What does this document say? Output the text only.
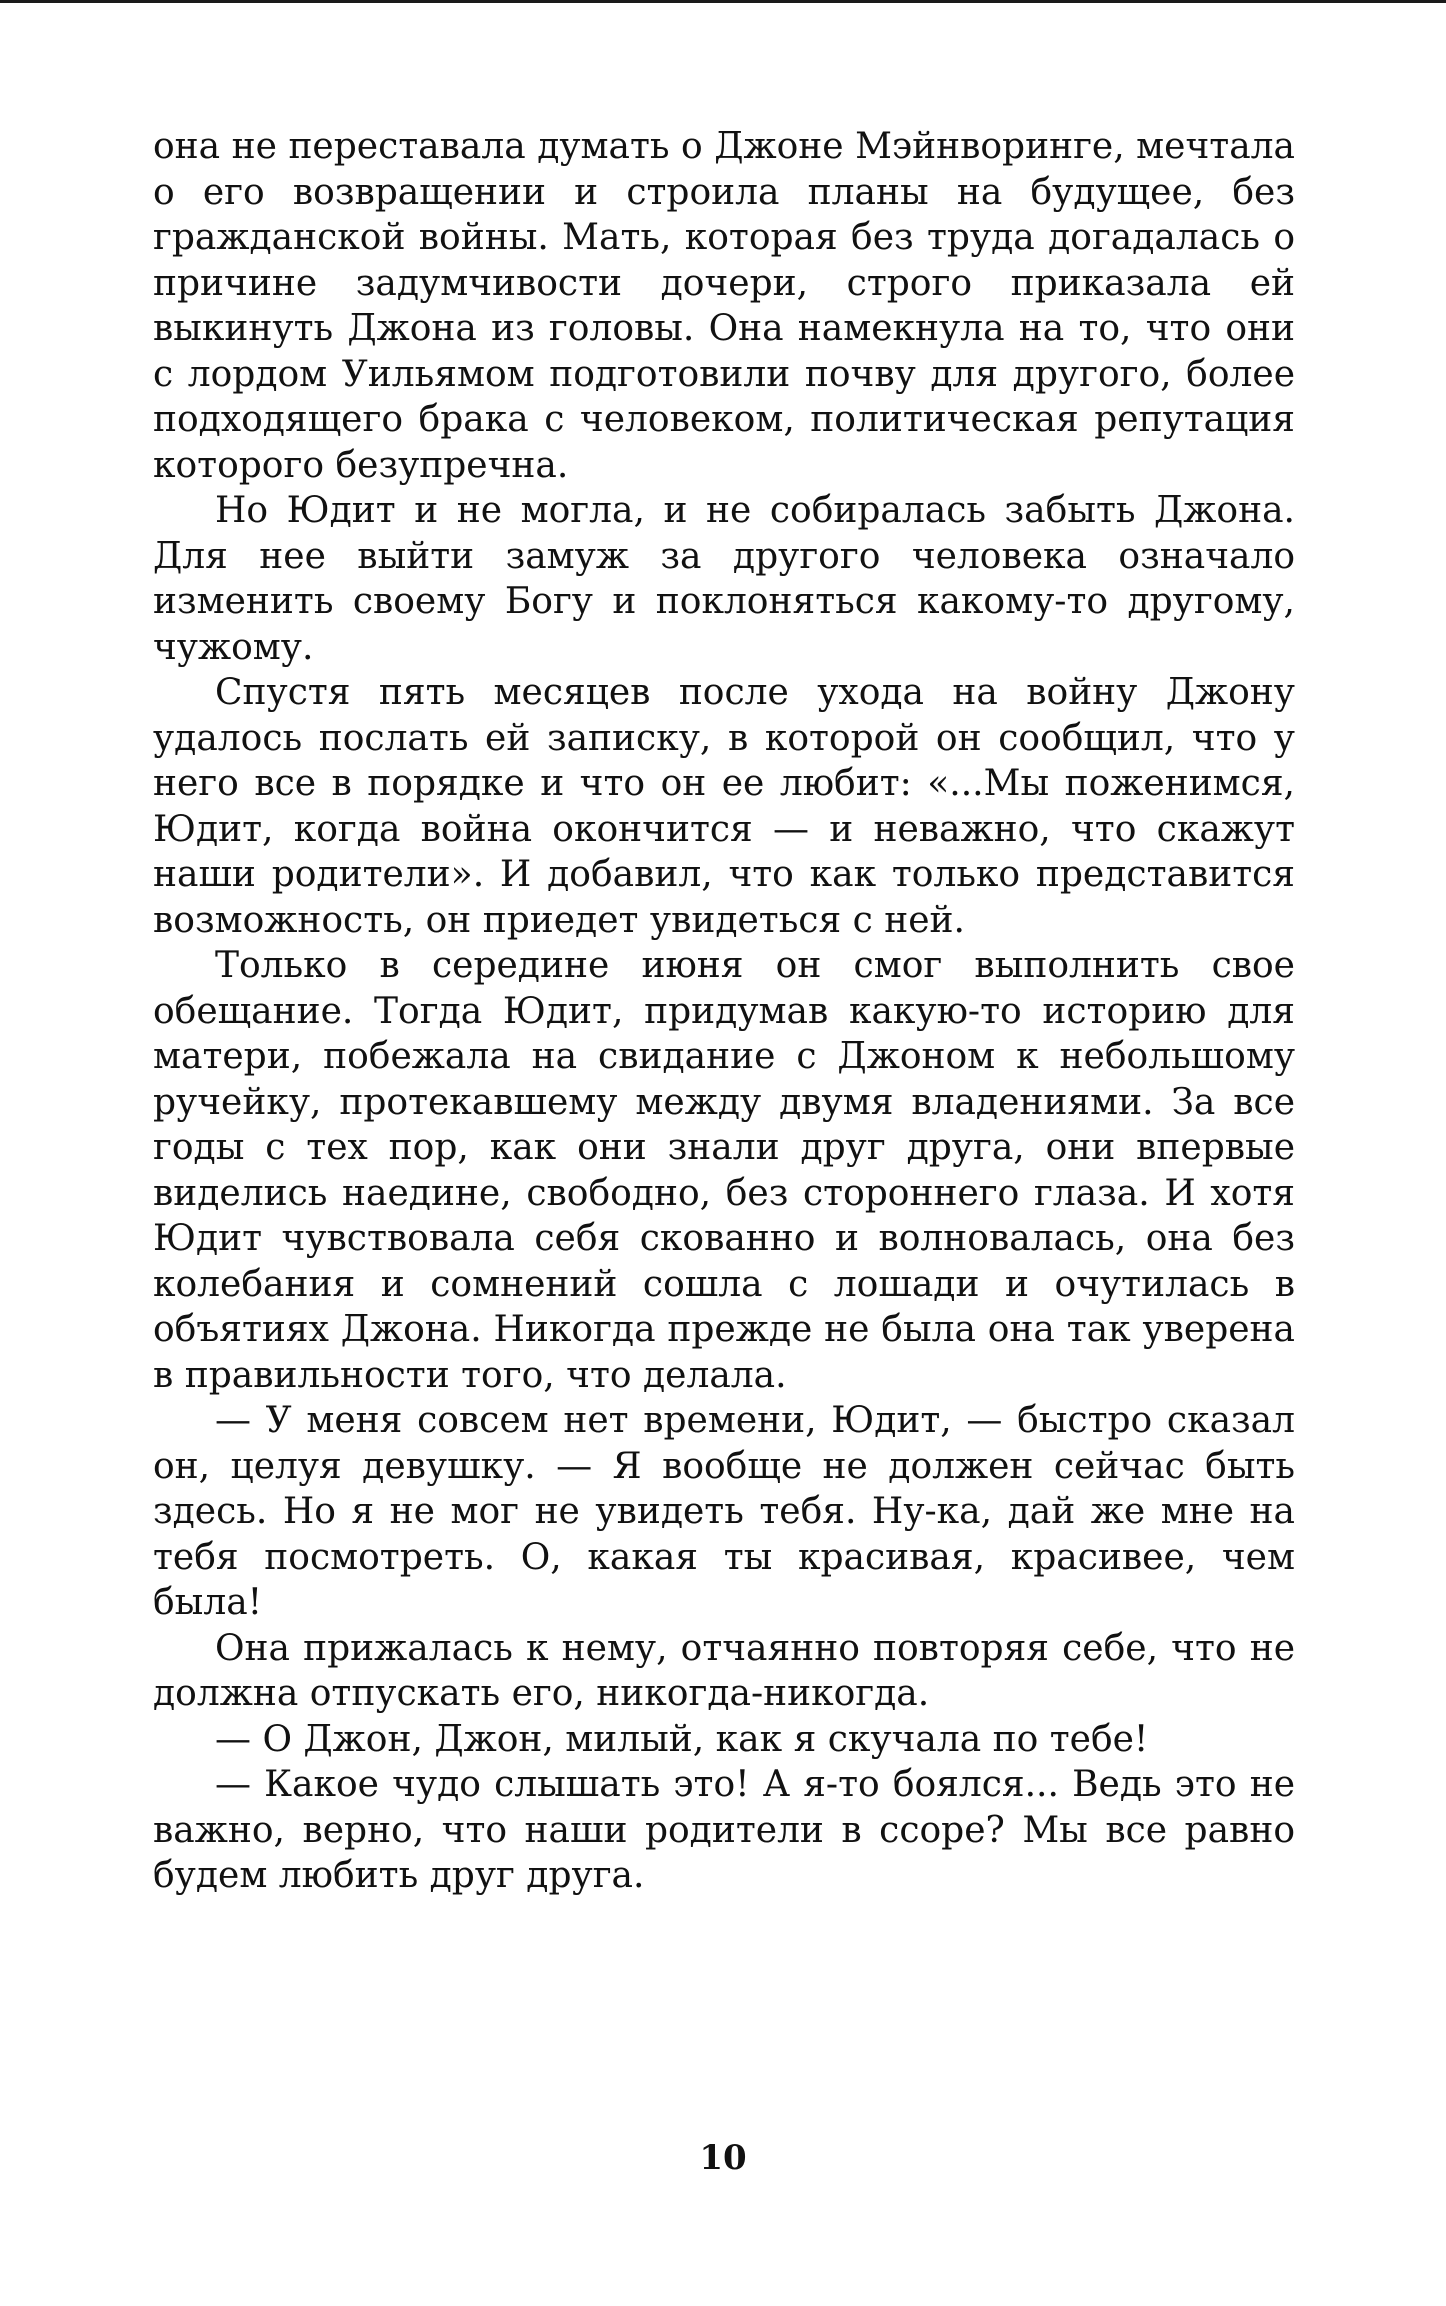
она не переставала думать о Джоне Мэйнворинге, мечтала о его возвращении и строила планы на будущее, без гражданской войны. Мать, которая без труда догадалась о причине задумчивости дочери, строго приказала ей выкинуть Джона из головы. Она намекнула на то, что они с лордом Уильямом подготовили почву для другого, более подходящего брака с человеком, политическая репутация которого безупречна.

Но Юдит и не могла, и не собиралась забыть Джона. Для нее выйти замуж за другого человека означало изменить своему Богу и поклоняться какому-то другому, чужому.

Спустя пять месяцев после ухода на войну Джону удалось послать ей записку, в которой он сообщил, что у него все в порядке и что он ее любит: «...Мы поженимся, Юдит, когда война окончится — и неважно, что скажут наши родители». И добавил, что как только представится возможность, он приедет увидеться с ней.

Только в середине июня он смог выполнить свое обещание. Тогда Юдит, придумав какую-то историю для матери, побежала на свидание с Джоном к небольшому ручейку, протекавшему между двумя владениями. За все годы с тех пор, как они знали друг друга, они впервые виделись наедине, свободно, без стороннего глаза. И хотя Юдит чувствовала себя скованно и волновалась, она без колебания и сомнений сошла с лошади и очутилась в объятиях Джона. Никогда прежде не была она так уверена в правильности того, что делала.

— У меня совсем нет времени, Юдит, — быстро сказал он, целуя девушку. — Я вообще не должен сейчас быть здесь. Но я не мог не увидеть тебя. Ну-ка, дай же мне на тебя посмотреть. О, какая ты красивая, красивее, чем была!

Она прижалась к нему, отчаянно повторяя себе, что не должна отпускать его, никогда-никогда.

— О Джон, Джон, милый, как я скучала по тебе!

— Какое чудо слышать это! А я-то боялся... Ведь это не важно, верно, что наши родители в ссоре? Мы все равно будем любить друг друга.

10
